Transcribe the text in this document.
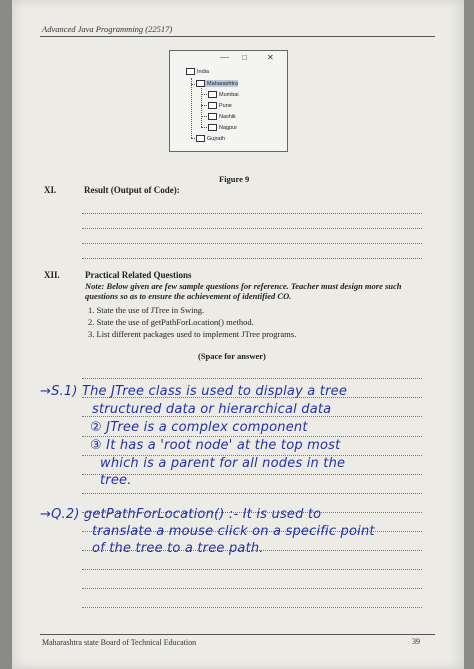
Advanced Java Programming (22517)
— □	✕
India
Maharashtra
Mumbai
Pune
Nashik
Nagpur
Gujrath
Figure 9
XI.	Result (Output of Code):
XII.	Practical Related Questions
Note: Below given are few sample questions for reference. Teacher must design more such questions so as to ensure the achievement of identified CO.
1. State the use of JTree in Swing.
2. State the use of getPathForLocation() method.
3. List different packages used to implement JTree programs.
(Space for answer)
→S.1) The JTree class is used to display a tree
structured data or hierarchical data
② JTree is a complex component
③ It has a 'root node' at the top most
which is a parent for all nodes in the
tree.
→Q.2) getPathForLocation() :- It is used to
translate a mouse click on a specific point
of the tree to a tree path.
Maharashtra state Board of Technical Education	39
